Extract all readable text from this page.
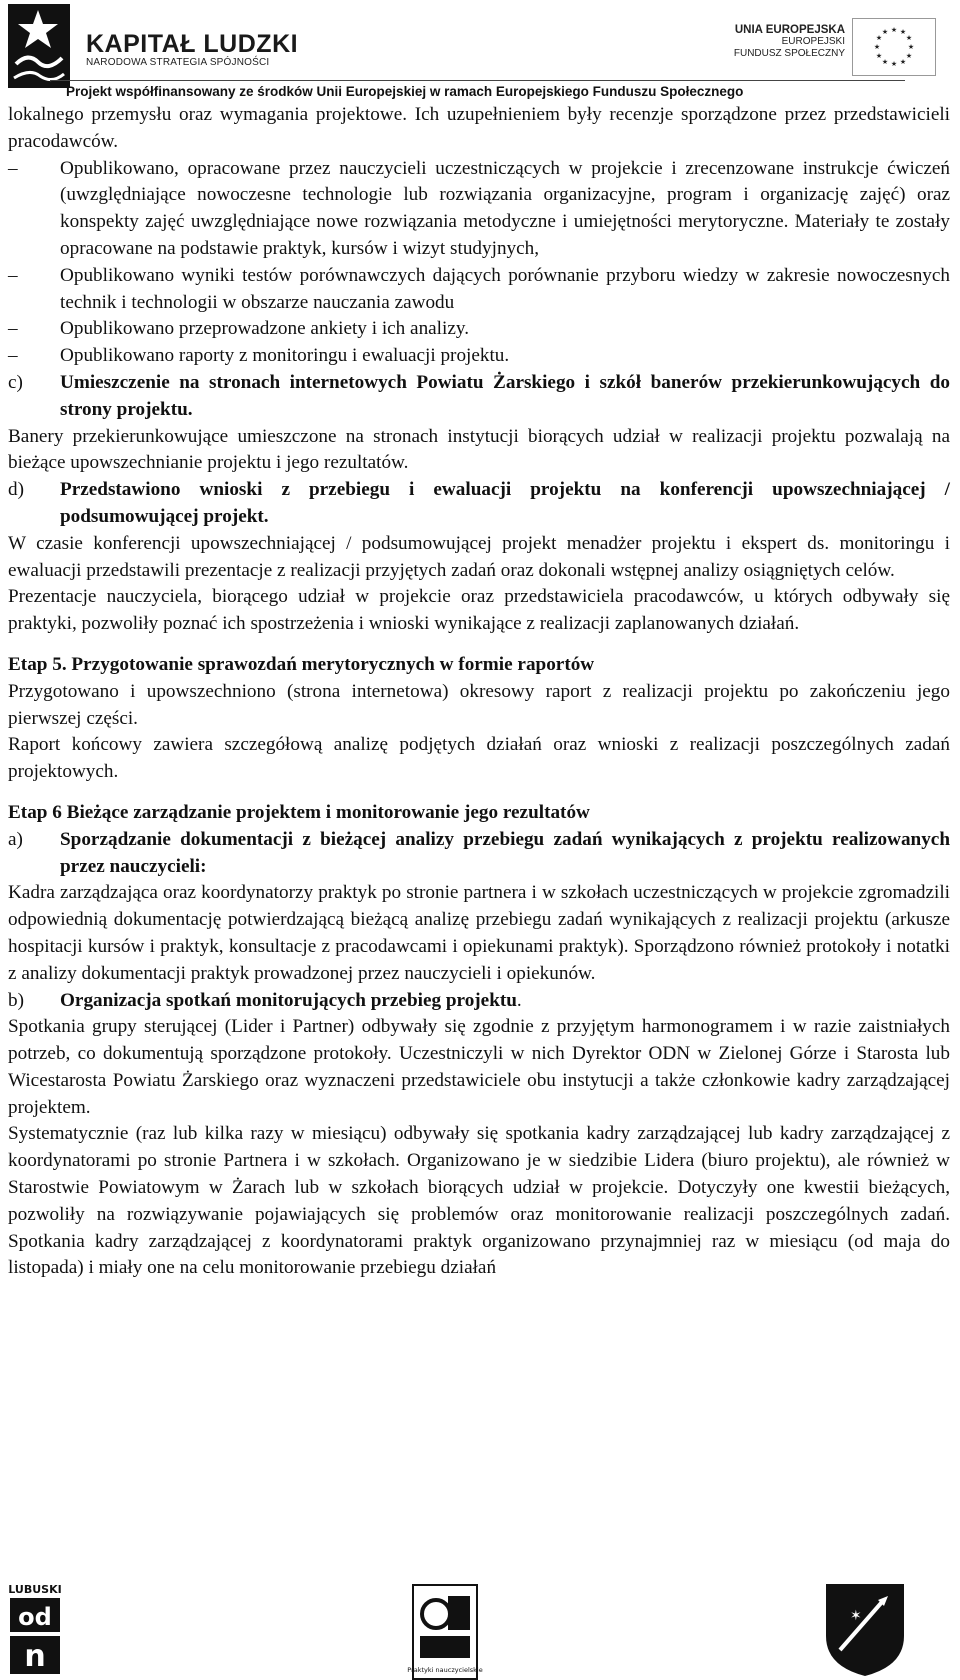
KAPITAŁ LUDZKI
NARODOWA STRATEGIA SPÓJNOŚCI
UNIA EUROPEJSKA
EUROPEJSKI
FUNDUSZ SPOŁECZNY
★ ★
★
★
★
★
★
★
★
★
★
★
Projekt współfinansowany ze środków Unii Europejskiej w ramach Europejskiego Funduszu Społecznego

lokalnego przemysłu oraz wymagania projektowe. Ich uzupełnieniem były recenzje sporządzone przez przedstawicieli pracodawców.

– Opublikowano, opracowane przez nauczycieli uczestniczących w projekcie i zrecenzowane instrukcje ćwiczeń (uwzględniające nowoczesne technologie lub rozwiązania organizacyjne, program i organizację zajęć) oraz konspekty zajęć uwzględniające nowe rozwiązania metodyczne i umiejętności merytoryczne. Materiały te zostały opracowane na podstawie praktyk, kursów i wizyt studyjnych,
– Opublikowano wyniki testów porównawczych dających porównanie przyboru wiedzy w zakresie nowoczesnych technik i technologii w obszarze nauczania zawodu
– Opublikowano przeprowadzone ankiety i ich analizy.
– Opublikowano raporty z monitoringu i ewaluacji projektu.
c) Umieszczenie na stronach internetowych Powiatu Żarskiego i szkół banerów przekierunkowujących do strony projektu.

Banery przekierunkowujące umieszczone na stronach instytucji biorących udział w realizacji projektu pozwalają na bieżące upowszechnianie projektu i jego rezultatów.

d) Przedstawiono wnioski z przebiegu i ewaluacji projektu na konferencji upowszechniającej / podsumowującej projekt.

W czasie konferencji upowszechniającej / podsumowującej projekt menadżer projektu i ekspert ds. monitoringu i ewaluacji przedstawili prezentacje z realizacji przyjętych zadań oraz dokonali wstępnej analizy osiągniętych celów.

Prezentacje nauczyciela, biorącego udział w projekcie oraz przedstawiciela pracodawców, u których odbywały się praktyki, pozwoliły poznać ich spostrzeżenia i wnioski wynikające z realizacji zaplanowanych działań.

Etap 5. Przygotowanie sprawozdań merytorycznych w formie raportów

Przygotowano i upowszechniono (strona internetowa) okresowy raport z realizacji projektu po zakończeniu jego pierwszej części.

Raport końcowy zawiera szczegółową analizę podjętych działań oraz wnioski z realizacji poszczególnych zadań projektowych.

Etap 6 Bieżące zarządzanie projektem i monitorowanie jego rezultatów

a) Sporządzanie dokumentacji z bieżącej analizy przebiegu zadań wynikających z projektu realizowanych przez nauczycieli:

Kadra zarządzająca oraz koordynatorzy praktyk po stronie partnera i w szkołach uczestniczących w projekcie zgromadzili odpowiednią dokumentację potwierdzającą bieżącą analizę przebiegu zadań wynikających z realizacji projektu (arkusze hospitacji kursów i praktyk, konsultacje z pracodawcami i opiekunami praktyk). Sporządzono również protokoły i notatki z analizy dokumentacji praktyk prowadzonej przez nauczycieli i opiekunów.

b) Organizacja spotkań monitorujących przebieg projektu.

Spotkania grupy sterującej (Lider i Partner) odbywały się zgodnie z przyjętym harmonogramem i w razie zaistniałych potrzeb, co dokumentują sporządzone protokoły. Uczestniczyli w nich Dyrektor ODN w Zielonej Górze i Starosta lub Wicestarosta Powiatu Żarskiego oraz wyznaczeni przedstawiciele obu instytucji a także członkowie kadry zarządzającej projektem.

Systematycznie (raz lub kilka razy w miesiącu) odbywały się spotkania kadry zarządzającej lub kadry zarządzającej z koordynatorami po stronie Partnera i w szkołach. Organizowano je w siedzibie Lidera (biuro projektu), ale również w Starostwie Powiatowym w Żarach lub w szkołach biorących udział w projekcie. Dotyczyły one kwestii bieżących, pozwoliły na rozwiązywanie pojawiających się problemów oraz monitorowanie realizacji poszczególnych zadań. Spotkania kadry zarządzającej z koordynatorami praktyk organizowano przynajmniej raz w miesiącu (od maja do listopada) i miały one na celu monitorowanie przebiegu działań

LUBUSKI
od
n	Praktyki nauczycielskie
✶
